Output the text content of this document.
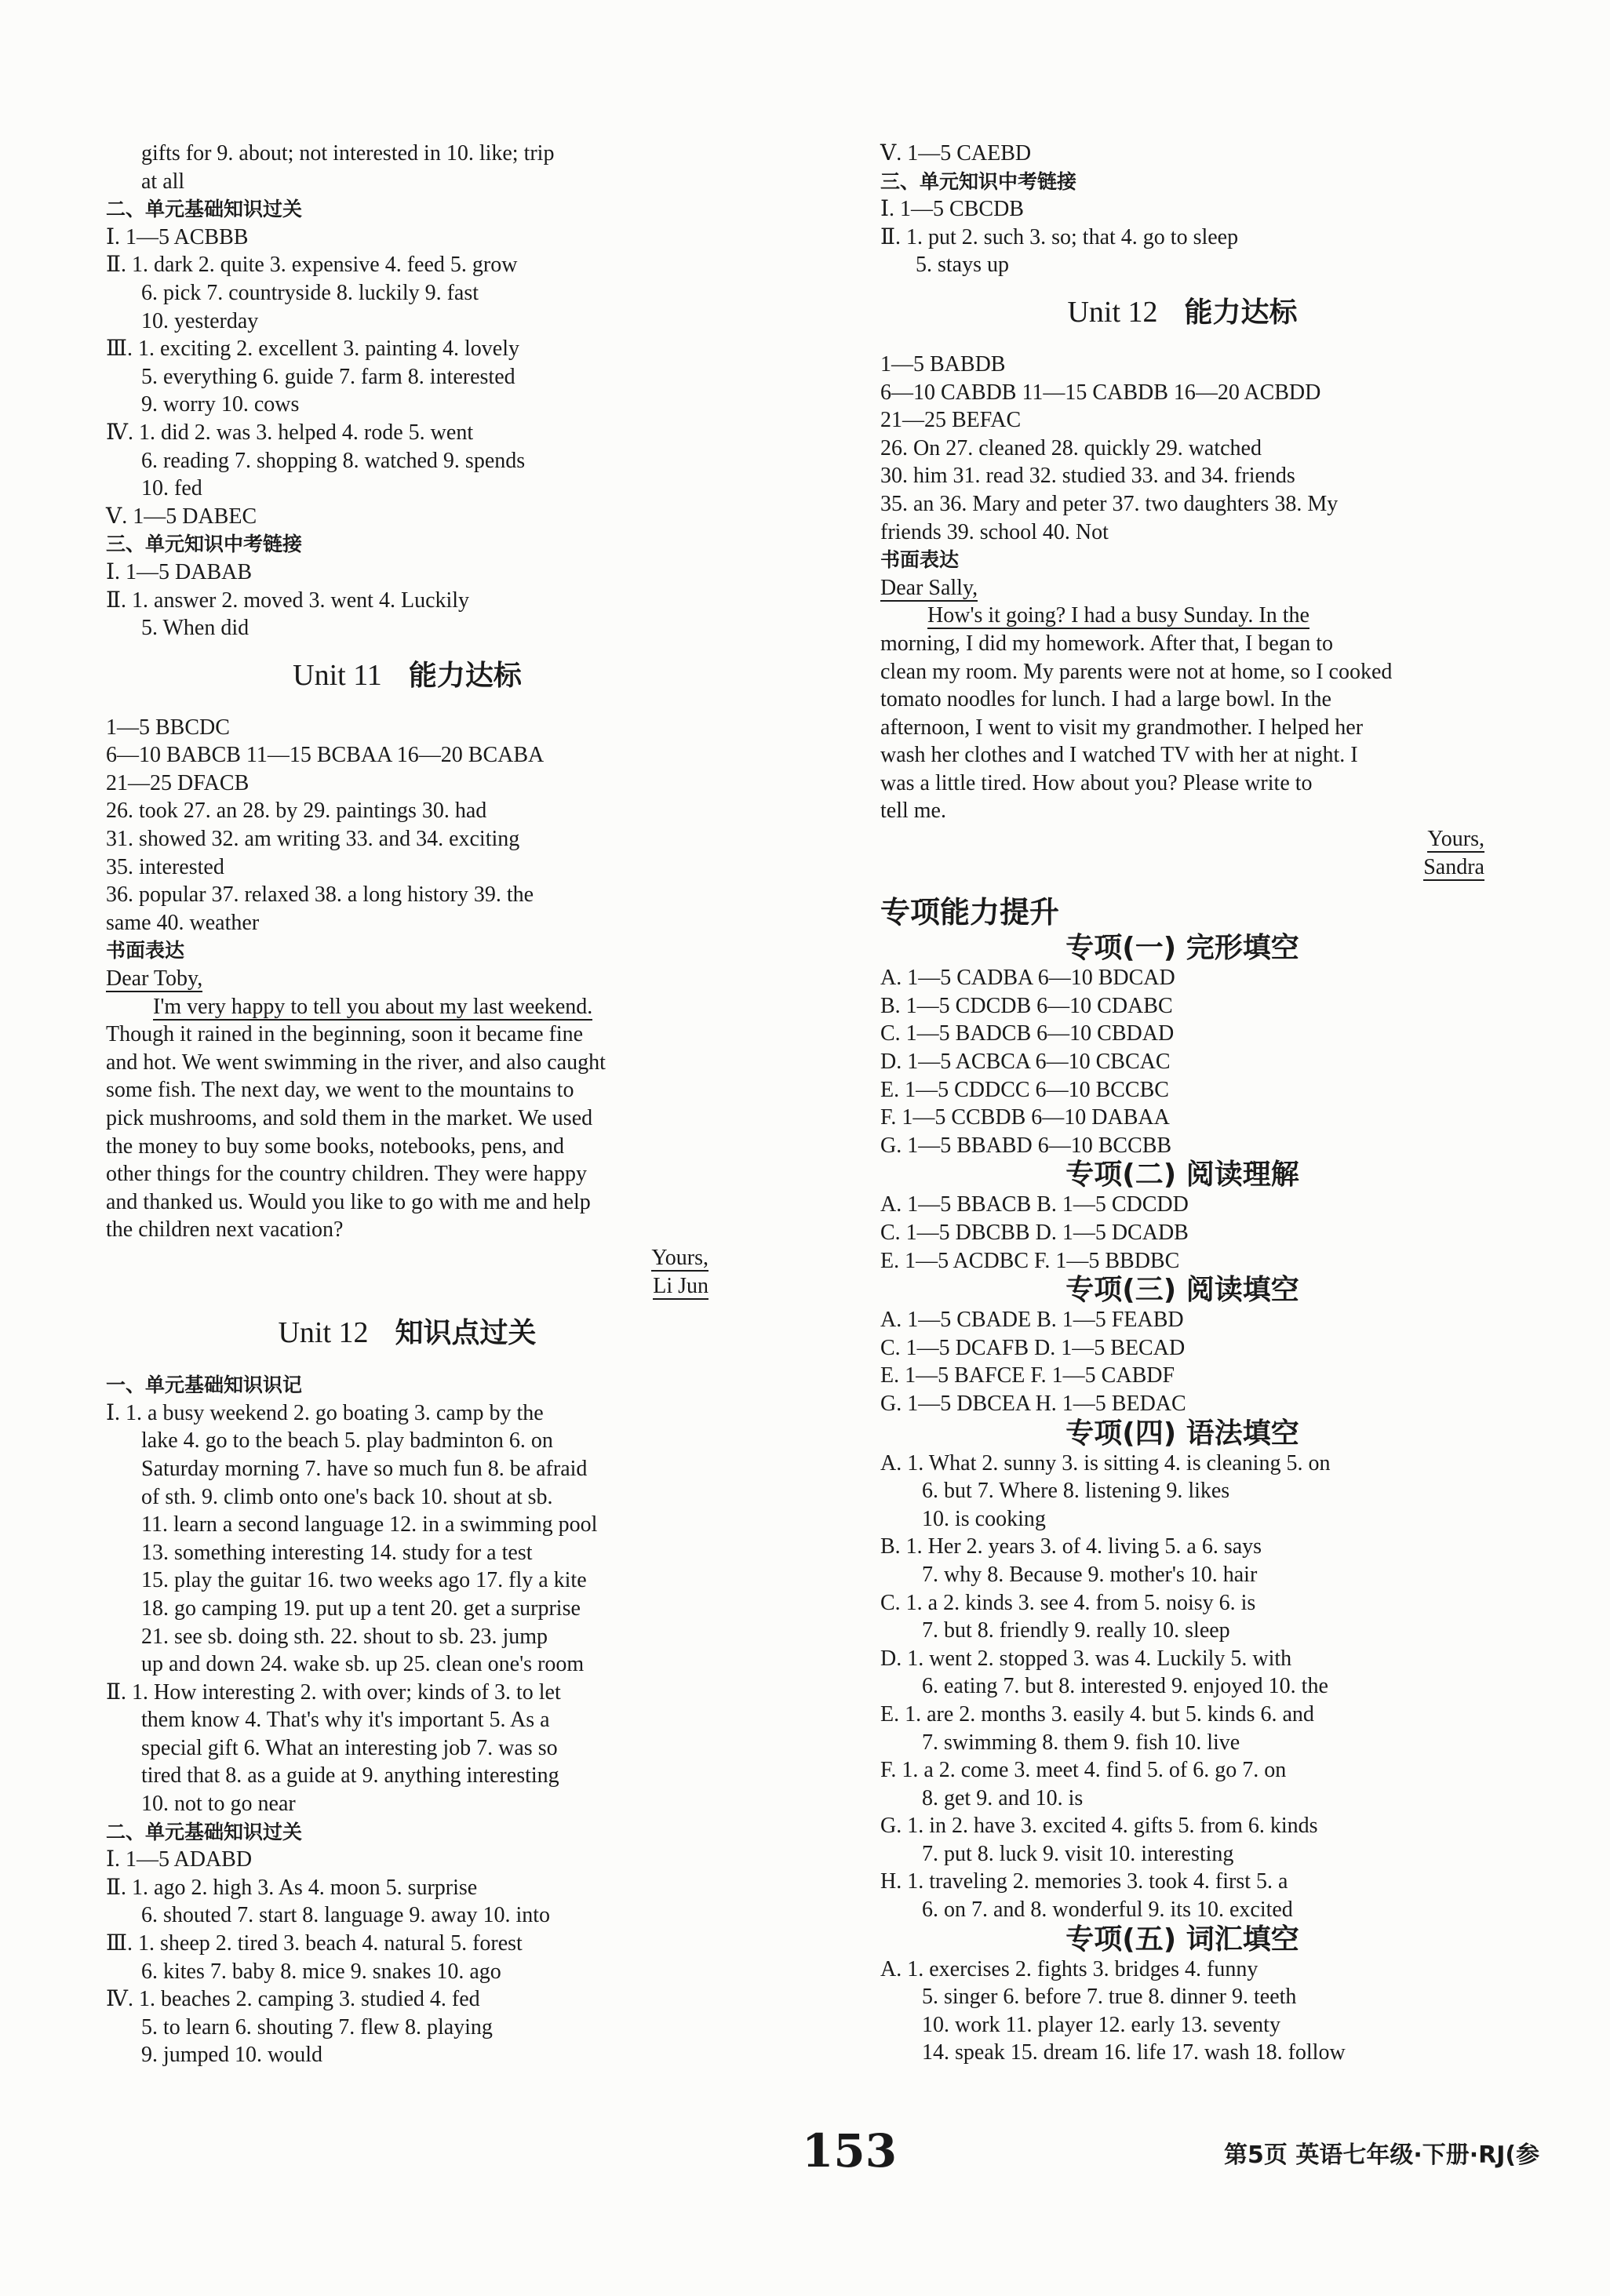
gifts for 9. about; not interested in 10. like; trip
at all
二、单元基础知识过关
Ⅰ. 1—5 ACBBB
Ⅱ. 1. dark 2. quite 3. expensive 4. feed 5. grow
6. pick 7. countryside 8. luckily 9. fast
10. yesterday
Ⅲ. 1. exciting 2. excellent 3. painting 4. lovely
5. everything 6. guide 7. farm 8. interested
9. worry 10. cows
Ⅳ. 1. did 2. was 3. helped 4. rode 5. went
6. reading 7. shopping 8. watched 9. spends
10. fed
Ⅴ. 1—5 DABEC
三、单元知识中考链接
Ⅰ. 1—5 DABAB
Ⅱ. 1. answer 2. moved 3. went 4. Luckily
5. When did
Unit 11 能力达标
1—5 BBCDC
6—10 BABCB 11—15 BCBAA 16—20 BCABA
21—25 DFACB
26. took 27. an 28. by 29. paintings 30. had
31. showed 32. am writing 33. and 34. exciting
35. interested
36. popular 37. relaxed 38. a long history 39. the
same 40. weather
书面表达
Dear Toby,
I'm very happy to tell you about my last weekend.
Though it rained in the beginning, soon it became fine
and hot. We went swimming in the river, and also caught
some fish. The next day, we went to the mountains to
pick mushrooms, and sold them in the market. We used
the money to buy some books, notebooks, pens, and
other things for the country children. They were happy
and thanked us. Would you like to go with me and help
the children next vacation?
Yours,
Li Jun
Unit 12 知识点过关
一、单元基础知识识记
Ⅰ. 1. a busy weekend 2. go boating 3. camp by the
lake 4. go to the beach 5. play badminton 6. on
Saturday morning 7. have so much fun 8. be afraid
of sth. 9. climb onto one's back 10. shout at sb.
11. learn a second language 12. in a swimming pool
13. something interesting 14. study for a test
15. play the guitar 16. two weeks ago 17. fly a kite
18. go camping 19. put up a tent 20. get a surprise
21. see sb. doing sth. 22. shout to sb. 23. jump
up and down 24. wake sb. up 25. clean one's room
Ⅱ. 1. How interesting 2. with over; kinds of 3. to let
them know 4. That's why it's important 5. As a
special gift 6. What an interesting job 7. was so
tired that 8. as a guide at 9. anything interesting
10. not to go near
二、单元基础知识过关
Ⅰ. 1—5 ADABD
Ⅱ. 1. ago 2. high 3. As 4. moon 5. surprise
6. shouted 7. start 8. language 9. away 10. into
Ⅲ. 1. sheep 2. tired 3. beach 4. natural 5. forest
6. kites 7. baby 8. mice 9. snakes 10. ago
Ⅳ. 1. beaches 2. camping 3. studied 4. fed
5. to learn 6. shouting 7. flew 8. playing
9. jumped 10. would
Ⅴ. 1—5 CAEBD
三、单元知识中考链接
Ⅰ. 1—5 CBCDB
Ⅱ. 1. put 2. such 3. so; that 4. go to sleep
5. stays up
Unit 12 能力达标
1—5 BABDB
6—10 CABDB 11—15 CABDB 16—20 ACBDD
21—25 BEFAC
26. On 27. cleaned 28. quickly 29. watched
30. him 31. read 32. studied 33. and 34. friends
35. an 36. Mary and peter 37. two daughters 38. My
friends 39. school 40. Not
书面表达
Dear Sally,
How's it going? I had a busy Sunday. In the
morning, I did my homework. After that, I began to
clean my room. My parents were not at home, so I cooked
tomato noodles for lunch. I had a large bowl. In the
afternoon, I went to visit my grandmother. I helped her
wash her clothes and I watched TV with her at night. I
was a little tired. How about you? Please write to
tell me.
Yours,
Sandra
专项能力提升
专项(一) 完形填空
A. 1—5 CADBA 6—10 BDCAD
B. 1—5 CDCDB 6—10 CDABC
C. 1—5 BADCB 6—10 CBDAD
D. 1—5 ACBCA 6—10 CBCAC
E. 1—5 CDDCC 6—10 BCCBC
F. 1—5 CCBDB 6—10 DABAA
G. 1—5 BBABD 6—10 BCCBB
专项(二) 阅读理解
A. 1—5 BBACB B. 1—5 CDCDD
C. 1—5 DBCBB D. 1—5 DCADB
E. 1—5 ACDBC F. 1—5 BBDBC
专项(三) 阅读填空
A. 1—5 CBADE B. 1—5 FEABD
C. 1—5 DCAFB D. 1—5 BECAD
E. 1—5 BAFCE F. 1—5 CABDF
G. 1—5 DBCEA H. 1—5 BEDAC
专项(四) 语法填空
A. 1. What 2. sunny 3. is sitting 4. is cleaning 5. on
6. but 7. Where 8. listening 9. likes
10. is cooking
B. 1. Her 2. years 3. of 4. living 5. a 6. says
7. why 8. Because 9. mother's 10. hair
C. 1. a 2. kinds 3. see 4. from 5. noisy 6. is
7. but 8. friendly 9. really 10. sleep
D. 1. went 2. stopped 3. was 4. Luckily 5. with
6. eating 7. but 8. interested 9. enjoyed 10. the
E. 1. are 2. months 3. easily 4. but 5. kinds 6. and
7. swimming 8. them 9. fish 10. live
F. 1. a 2. come 3. meet 4. find 5. of 6. go 7. on
8. get 9. and 10. is
G. 1. in 2. have 3. excited 4. gifts 5. from 6. kinds
7. put 8. luck 9. visit 10. interesting
H. 1. traveling 2. memories 3. took 4. first 5. a
6. on 7. and 8. wonderful 9. its 10. excited
专项(五) 词汇填空
A. 1. exercises 2. fights 3. bridges 4. funny
5. singer 6. before 7. true 8. dinner 9. teeth
10. work 11. player 12. early 13. seventy
14. speak 15. dream 16. life 17. wash 18. follow
153	第5页 英语七年级·下册·RJ(参
